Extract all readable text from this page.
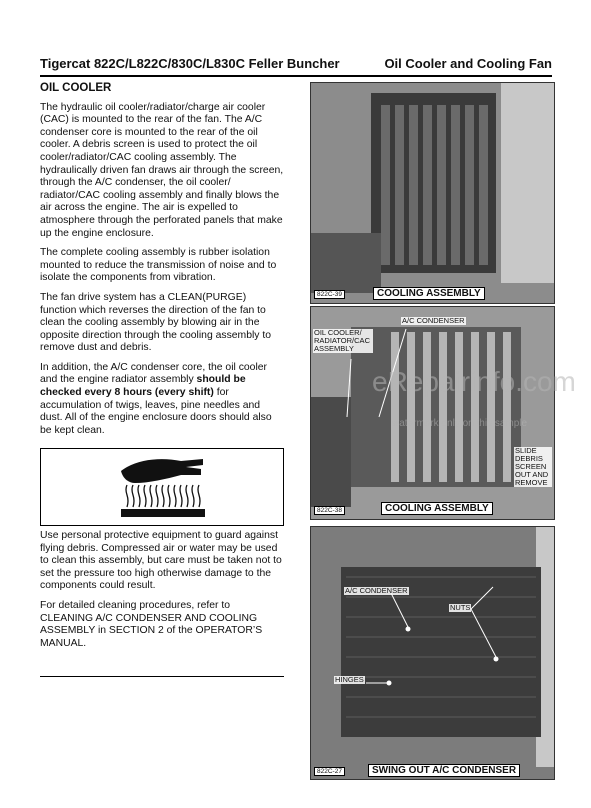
Tigercat 822C/L822C/830C/L830C Feller Buncher	Oil Cooler and Cooling Fan
OIL COOLER

The hydraulic oil cooler/radiator/charge air cooler (CAC) is mounted to the rear of the fan. The A/C condenser core is mounted to the rear of the oil cooler. A debris screen is used to protect the oil cooler/radiator/CAC cooling assembly. The hydraulically driven fan draws air through the screen, through the A/C condenser, the oil cooler/ radiator/CAC cooling assembly and finally blows the air across the engine. The air is expelled to atmosphere through the perforated panels that make up the engine enclosure.

The complete cooling assembly is rubber isolation mounted to reduce the transmission of noise and to isolate the components from vibration.

The fan drive system has a CLEAN(PURGE) function which reverses the direction of the fan to clean the cooling assembly by blowing air in the opposite direction through the cooling assembly to remove dust and debris.

In addition, the A/C condenser core, the oil cooler and the engine radiator assembly should be checked every 8 hours (every shift) for accumulation of twigs, leaves, pine needles and dust. All of the engine enclosure doors should also be kept clean.

Use personal protective equipment to guard against flying debris. Compressed air or water may be used to clean this assembly, but care must be taken not to set the pressure too high otherwise damage to the components could result.

For detailed cleaning procedures, refer to CLEANING A/C CONDENSER AND COOLING ASSEMBLY in SECTION 2 of the OPERATOR’S MANUAL.

822C-39	COOLING ASSEMBLY
OIL COOLER/ RADIATOR/CAC ASSEMBLY
A/C CONDENSER
SLIDE DEBRIS SCREEN OUT AND REMOVE
822C-38	COOLING ASSEMBLY
A/C CONDENSER
NUTS
HINGES
822C-27	SWING OUT A/C CONDENSER
eRepairinfo.com
watermark only on this sample
